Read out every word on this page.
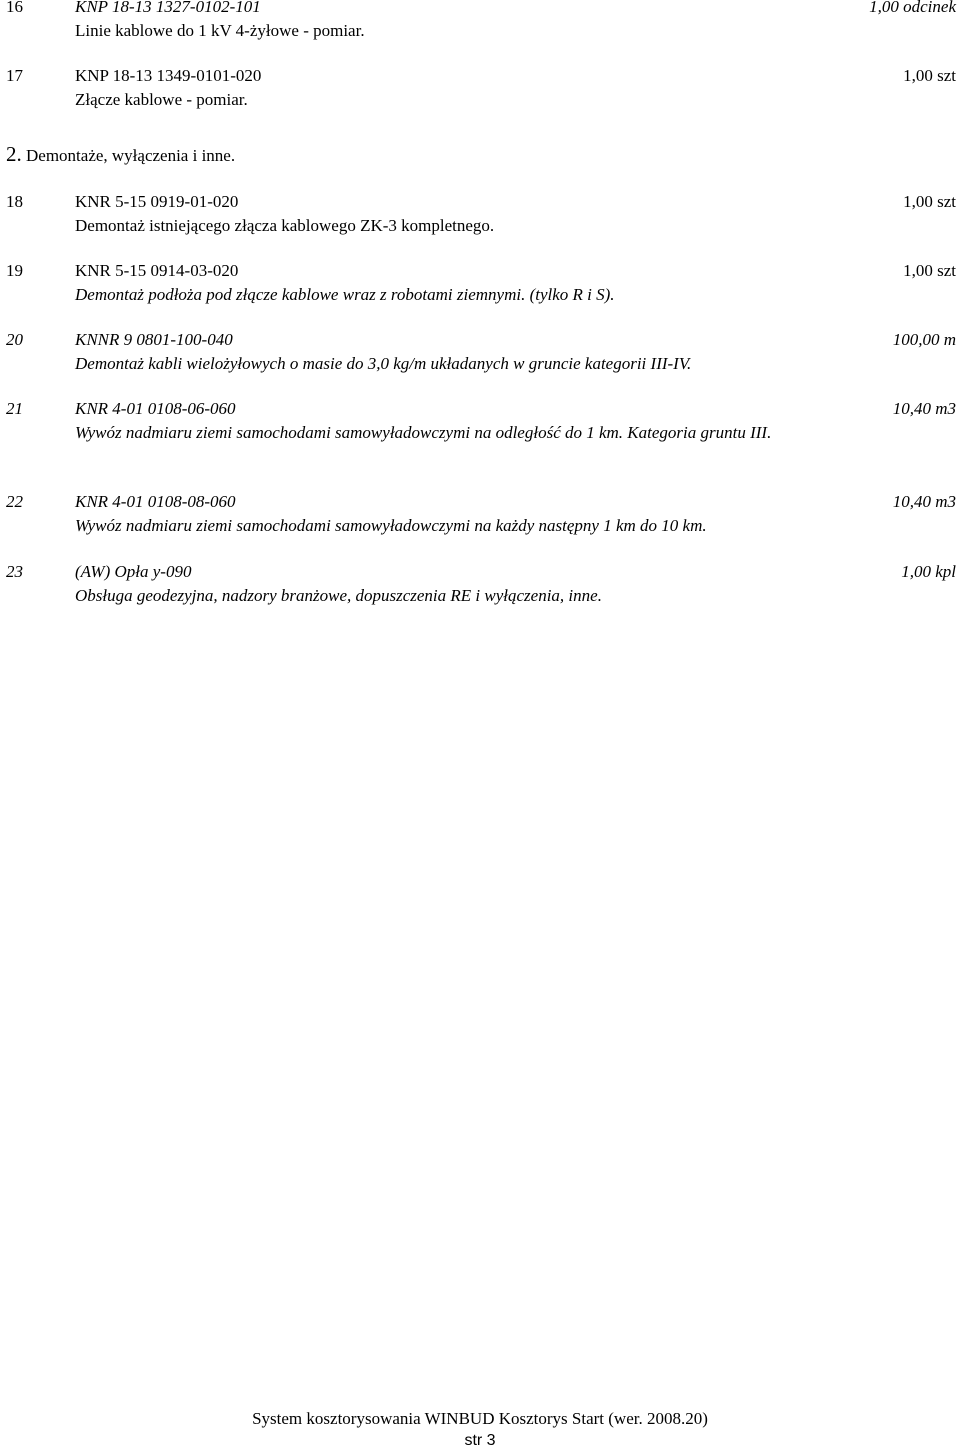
16	KNP 18-13 1327-0102-101	1,00 odcinek
Linie kablowe do 1 kV 4-żyłowe - pomiar.
17	KNP 18-13 1349-0101-020	1,00 szt
Złącze kablowe - pomiar.
2. Demontaże, wyłączenia i inne.
18	KNR 5-15 0919-01-020	1,00 szt
Demontaż istniejącego złącza kablowego ZK-3 kompletnego.
19	KNR 5-15 0914-03-020	1,00 szt
Demontaż podłoża pod złącze kablowe wraz z robotami ziemnymi. (tylko R i S).
20	KNNR 9 0801-100-040	100,00 m
Demontaż kabli wielożyłowych o masie do 3,0 kg/m układanych w gruncie kategorii III-IV.
21	KNR 4-01 0108-06-060	10,40 m3
Wywóz nadmiaru ziemi samochodami samowyładowczymi na odległość do 1 km. Kategoria gruntu III.
22	KNR 4-01 0108-08-060	10,40 m3
Wywóz nadmiaru ziemi samochodami samowyładowczymi na każdy następny 1 km do 10 km.
23	(AW) Opła y-090	1,00 kpl
Obsługa geodezyjna, nadzory branżowe, dopuszczenia RE i wyłączenia, inne.
System kosztorysowania WINBUD Kosztorys Start (wer. 2008.20)
str 3
